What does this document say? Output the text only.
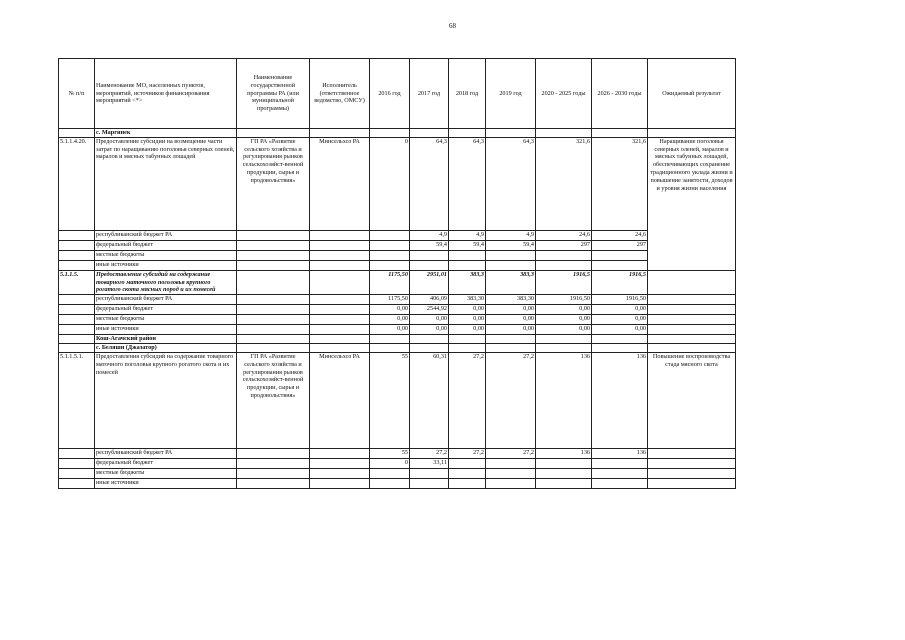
68
№ п/п	Наименование МО, населенных пунктов, мероприятий, источников финансирования мероприятий <*>	Наименование государственной программы РА (или муниципальной программы)	Исполнитель (ответственное ведомство, ОМСУ)	2016 год	2017 год	2018 год	2019 год	2020 - 2025 годы	2026 - 2030 годы	Ожидаемый результат
	с. Маргинек									
5.1.1.4.20.	Предоставление субсидии на возмещение части затрат по наращиванию поголовья северных оленей, маралов и мясных табунных лошадей	ГП РА «Развитие сельского хозяйства и регулирования рынков сельскохозяйст-венной продукции, сырья и продовольствия»	Минсельхоз РА	0	64,3	64,3	64,3	321,6	321,6	Наращивание поголовья северных оленей, маралов и мясных табунных лошадей, обеспечивающих сохранение традиционного уклада жизни и повышение занятости, доходов и уровня жизни населения
	республиканский бюджет РА				4,9	4,9	4,9	24,6	24,6	
	федеральный бюджет				59,4	59,4	59,4	297	297	
	местные бюджеты									
	иные источники									
5.1.1.5.	Предоставление субсидий на содержание товарного маточного поголовья крупного рогатого скота мясных пород и их помесей			1175,50	2951,01	383,3	383,3	1916,5	1916,5	
	республиканский бюджет РА			1175,50	406,09	383,30	383,30	1916,50	1916,50	
	федеральный бюджет			0,00	2544,92	0,00	0,00	0,00	0,00	
	местные бюджеты			0,00	0,00	0,00	0,00	0,00	0,00	
	иные источники			0,00	0,00	0,00	0,00	0,00	0,00	
	Кош-Агачский район									
	с. Беляши (Джазатор)									
5.1.1.5.1.	Предоставления субсидий на содержание товарного маточного поголовья крупного рогатого скота и их помесей	ГП РА «Развитие сельского хозяйства и регулирования рынков сельскохозяйст-венной продукции, сырья и продовольствия»	Минсельхоз РА	55	60,31	27,2	27,2	136	136	Повышение воспроизводства стада мясного скота
	республиканский бюджет РА			55	27,2	27,2	27,2	136	136	
	федеральный бюджет			0	33,11					
	местные бюджеты									
	иные источники									
